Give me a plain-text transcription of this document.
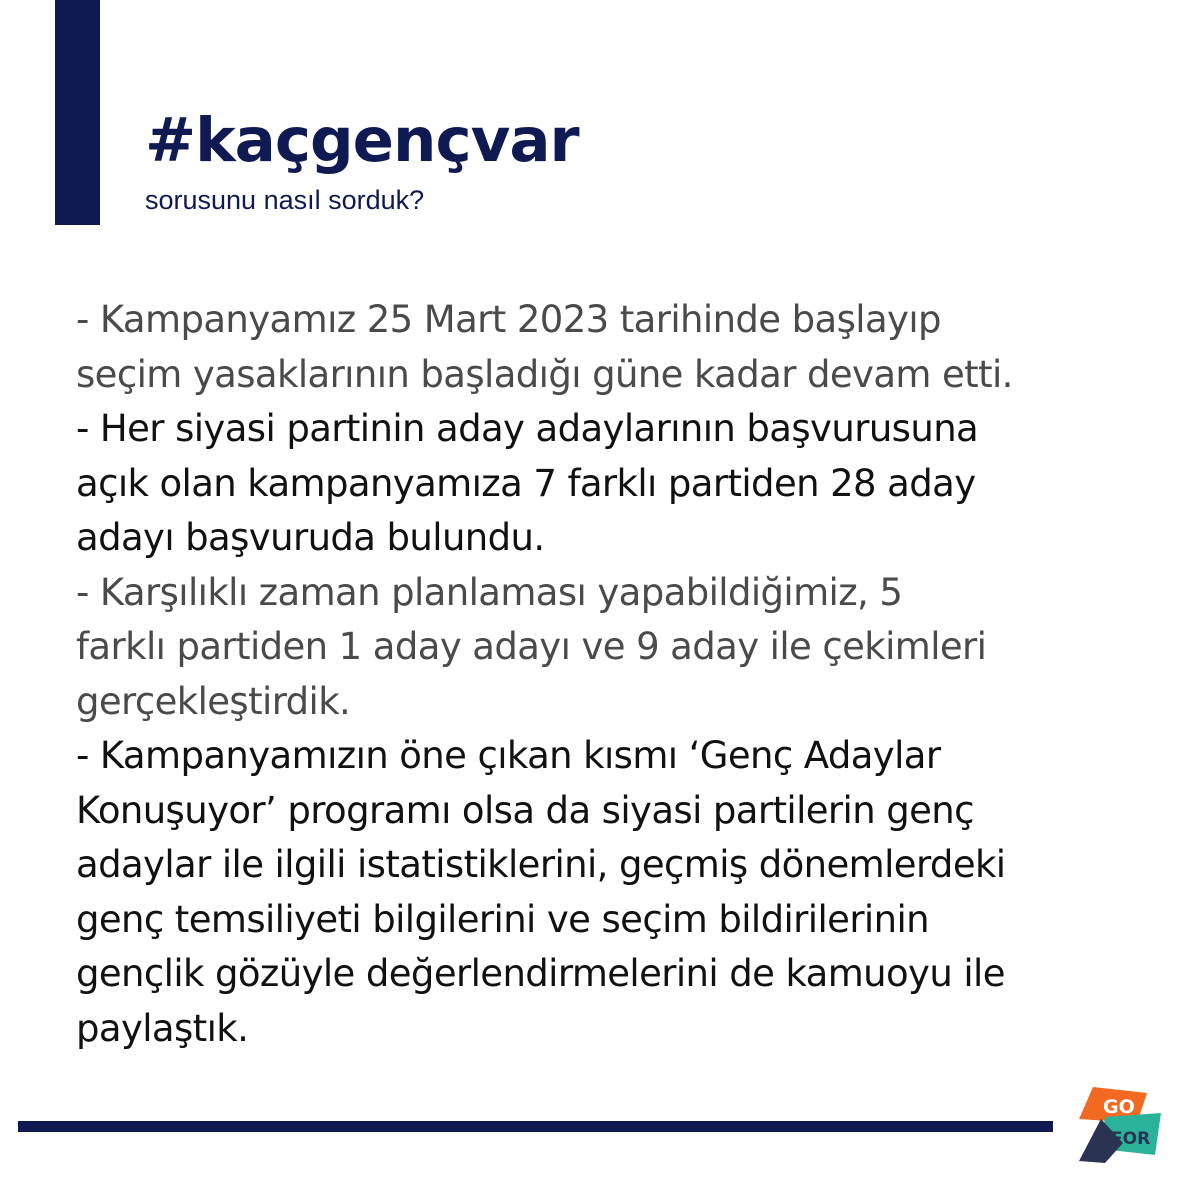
#kaçgençvar
sorusunu nasıl sorduk?

- Kampanyamız 25 Mart 2023 tarihinde başlayıp
seçim yasaklarının başladığı güne kadar devam etti.

- Her siyasi partinin aday adaylarının başvurusuna
açık olan kampanyamıza 7 farklı partiden 28 aday
adayı başvuruda bulundu.

- Karşılıklı zaman planlaması yapabildiğimiz, 5
farklı partiden 1 aday adayı ve 9 aday ile çekimleri
gerçekleştirdik.

- Kampanyamızın öne çıkan kısmı ‘Genç Adaylar
Konuşuyor’ programı olsa da siyasi partilerin genç
adaylar ile ilgili istatistiklerini, geçmiş dönemlerdeki
genç temsiliyeti bilgilerini ve seçim bildirilerinin
gençlik gözüyle değerlendirmelerini de kamuoyu ile
paylaştık.

GO
FOR
